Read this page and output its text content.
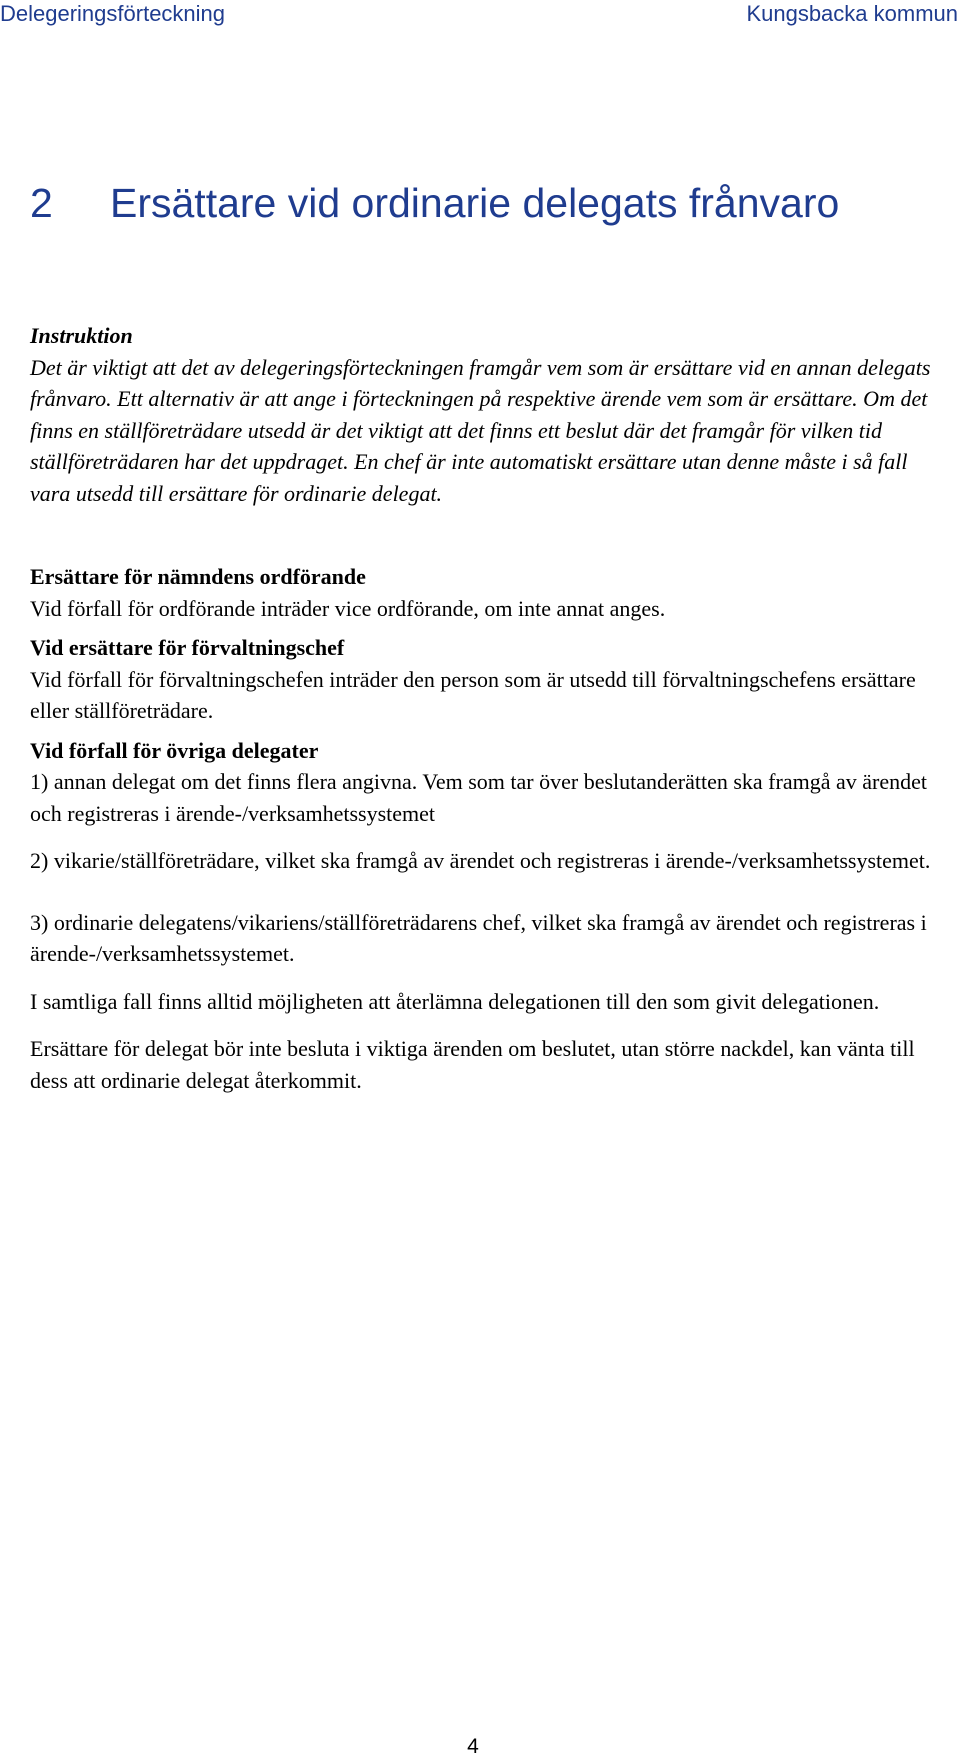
Delegeringsförteckning	Kungsbacka kommun
2 Ersättare vid ordinarie delegats frånvaro
Instruktion

Det är viktigt att det av delegeringsförteckningen framgår vem som är ersättare vid en annan delegats frånvaro. Ett alternativ är att ange i förteckningen på respektive ärende vem som är ersättare. Om det finns en ställföreträdare utsedd är det viktigt att det finns ett beslut där det framgår för vilken tid ställföreträdaren har det uppdraget. En chef är inte automatiskt ersättare utan denne måste i så fall vara utsedd till ersättare för ordinarie delegat.

Ersättare för nämndens ordförande

Vid förfall för ordförande inträder vice ordförande, om inte annat anges.

Vid ersättare för förvaltningschef

Vid förfall för förvaltningschefen inträder den person som är utsedd till förvaltningschefens ersättare eller ställföreträdare.

Vid förfall för övriga delegater

1) annan delegat om det finns flera angivna. Vem som tar över beslutanderätten ska framgå av ärendet och registreras i ärende-/verksamhetssystemet

2) vikarie/ställföreträdare, vilket ska framgå av ärendet och registreras i ärende-/verksamhetssystemet.

3) ordinarie delegatens/vikariens/ställföreträdarens chef, vilket ska framgå av ärendet och registreras i ärende-/verksamhetssystemet.

I samtliga fall finns alltid möjligheten att återlämna delegationen till den som givit delegationen.

Ersättare för delegat bör inte besluta i viktiga ärenden om beslutet, utan större nackdel, kan vänta till dess att ordinarie delegat återkommit.

4
